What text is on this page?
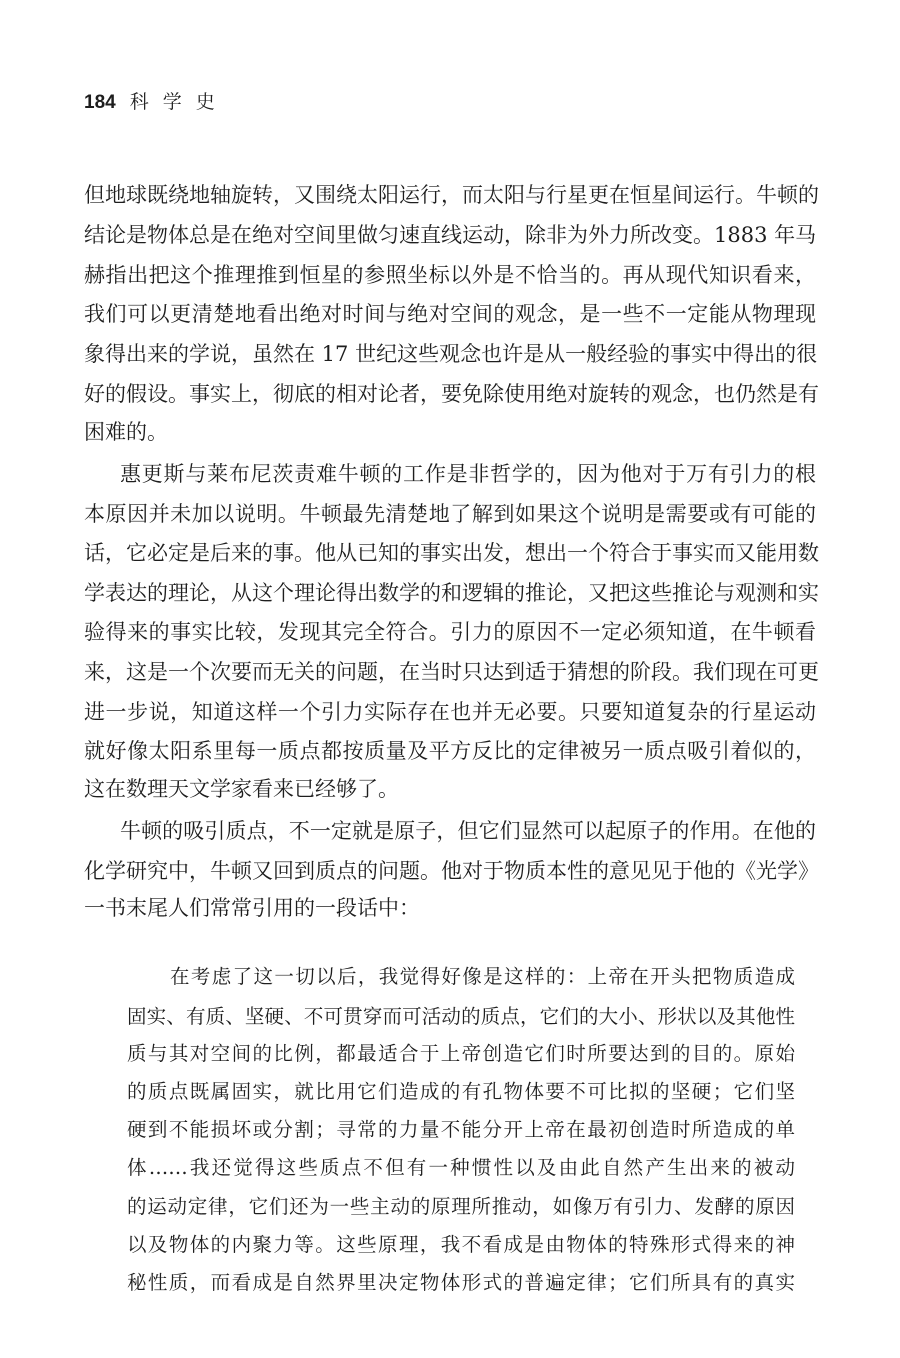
184 科学史
但地球既绕地轴旋转，又围绕太阳运行，而太阳与行星更在恒星间运行。牛顿的
结论是物体总是在绝对空间里做匀速直线运动，除非为外力所改变。1883 年马
赫指出把这个推理推到恒星的参照坐标以外是不恰当的。再从现代知识看来，
我们可以更清楚地看出绝对时间与绝对空间的观念，是一些不一定能从物理现
象得出来的学说，虽然在 17 世纪这些观念也许是从一般经验的事实中得出的很
好的假设。事实上，彻底的相对论者，要免除使用绝对旋转的观念，也仍然是有
困难的。
惠更斯与莱布尼茨责难牛顿的工作是非哲学的，因为他对于万有引力的根
本原因并未加以说明。牛顿最先清楚地了解到如果这个说明是需要或有可能的
话，它必定是后来的事。他从已知的事实出发，想出一个符合于事实而又能用数
学表达的理论，从这个理论得出数学的和逻辑的推论，又把这些推论与观测和实
验得来的事实比较，发现其完全符合。引力的原因不一定必须知道，在牛顿看
来，这是一个次要而无关的问题，在当时只达到适于猜想的阶段。我们现在可更
进一步说，知道这样一个引力实际存在也并无必要。只要知道复杂的行星运动
就好像太阳系里每一质点都按质量及平方反比的定律被另一质点吸引着似的，
这在数理天文学家看来已经够了。
牛顿的吸引质点，不一定就是原子，但它们显然可以起原子的作用。在他的
化学研究中，牛顿又回到质点的问题。他对于物质本性的意见见于他的《光学》
一书末尾人们常常引用的一段话中：
在考虑了这一切以后，我觉得好像是这样的：上帝在开头把物质造成
固实、有质、坚硬、不可贯穿而可活动的质点，它们的大小、形状以及其他性
质与其对空间的比例，都最适合于上帝创造它们时所要达到的目的。原始
的质点既属固实，就比用它们造成的有孔物体要不可比拟的坚硬；它们坚
硬到不能损坏或分割；寻常的力量不能分开上帝在最初创造时所造成的单
体……我还觉得这些质点不但有一种惯性以及由此自然产生出来的被动
的运动定律，它们还为一些主动的原理所推动，如像万有引力、发酵的原因
以及物体的内聚力等。这些原理，我不看成是由物体的特殊形式得来的神
秘性质，而看成是自然界里决定物体形式的普遍定律；它们所具有的真实
